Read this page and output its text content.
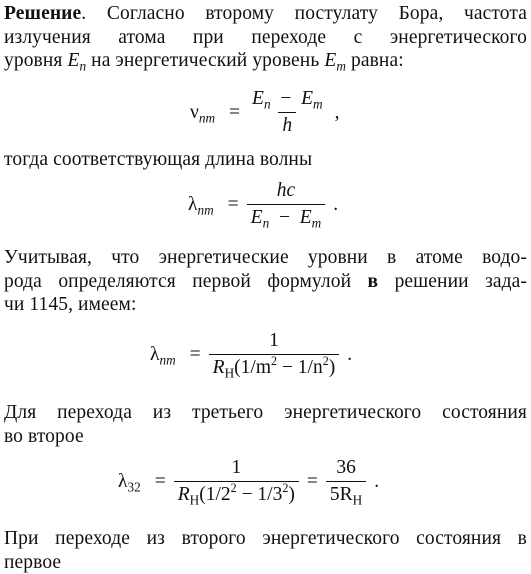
Решение. Согласно второму постулату Бора, частота
излучения атома при переходе с энергетического
уровня $E_n$ на энергетический уровень $E_m$ равна:
$\nu_{nm} = \frac{E_n - E_m}{h}$ ,
тогда соответствующая длина волны
$\lambda_{nm} = \frac{hc}{E_n - E_m}$ .
Учитывая, что энергетические уровни в атоме водо-
рода определяются первой формулой в решении зада-
чи 1145, имеем:
$\lambda_{nm} = \frac{1}{R_H(1/m^2 - 1/n^2)}$ .
Для перехода из третьего энергетического состояния
во второе
$\lambda_{32} = \frac{1}{R_H(1/2^2 - 1/3^2)} = \frac{36}{5R_H}$ .
При переходе из второго энергетического состояния в
первое
